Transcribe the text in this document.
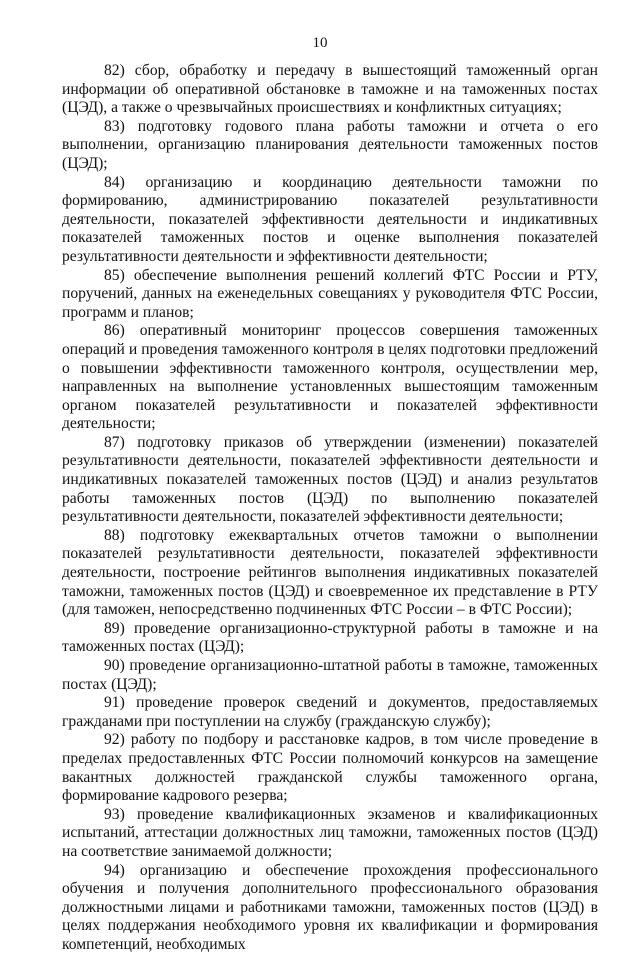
10

82) сбор, обработку и передачу в вышестоящий таможенный орган информации об оперативной обстановке в таможне и на таможенных постах (ЦЭД), а также о чрезвычайных происшествиях и конфликтных ситуациях;

83) подготовку годового плана работы таможни и отчета о его выполнении, организацию планирования деятельности таможенных постов (ЦЭД);

84) организацию и координацию деятельности таможни по формированию, администрированию показателей результативности деятельности, показателей эффективности деятельности и индикативных показателей таможенных постов и оценке выполнения показателей результативности деятельности и эффективности деятельности;

85) обеспечение выполнения решений коллегий ФТС России и РТУ, поручений, данных на еженедельных совещаниях у руководителя ФТС России, программ и планов;

86) оперативный мониторинг процессов совершения таможенных операций и проведения таможенного контроля в целях подготовки предложений о повышении эффективности таможенного контроля, осуществлении мер, направленных на выполнение установленных вышестоящим таможенным органом показателей результативности и показателей эффективности деятельности;

87) подготовку приказов об утверждении (изменении) показателей результативности деятельности, показателей эффективности деятельности и индикативных показателей таможенных постов (ЦЭД) и анализ результатов работы таможенных постов (ЦЭД) по выполнению показателей результативности деятельности, показателей эффективности деятельности;

88) подготовку ежеквартальных отчетов таможни о выполнении показателей результативности деятельности, показателей эффективности деятельности, построение рейтингов выполнения индикативных показателей таможни, таможенных постов (ЦЭД) и своевременное их представление в РТУ (для таможен, непосредственно подчиненных ФТС России – в ФТС России);

89) проведение организационно-структурной работы в таможне и на таможенных постах (ЦЭД);

90) проведение организационно-штатной работы в таможне, таможенных постах (ЦЭД);

91) проведение проверок сведений и документов, предоставляемых гражданами при поступлении на службу (гражданскую службу);

92) работу по подбору и расстановке кадров, в том числе проведение в пределах предоставленных ФТС России полномочий конкурсов на замещение вакантных должностей гражданской службы таможенного органа, формирование кадрового резерва;

93) проведение квалификационных экзаменов и квалификационных испытаний, аттестации должностных лиц таможни, таможенных постов (ЦЭД) на соответствие занимаемой должности;

94) организацию и обеспечение прохождения профессионального обучения и получения дополнительного профессионального образования должностными лицами и работниками таможни, таможенных постов (ЦЭД) в целях поддержания необходимого уровня их квалификации и формирования компетенций, необходимых
